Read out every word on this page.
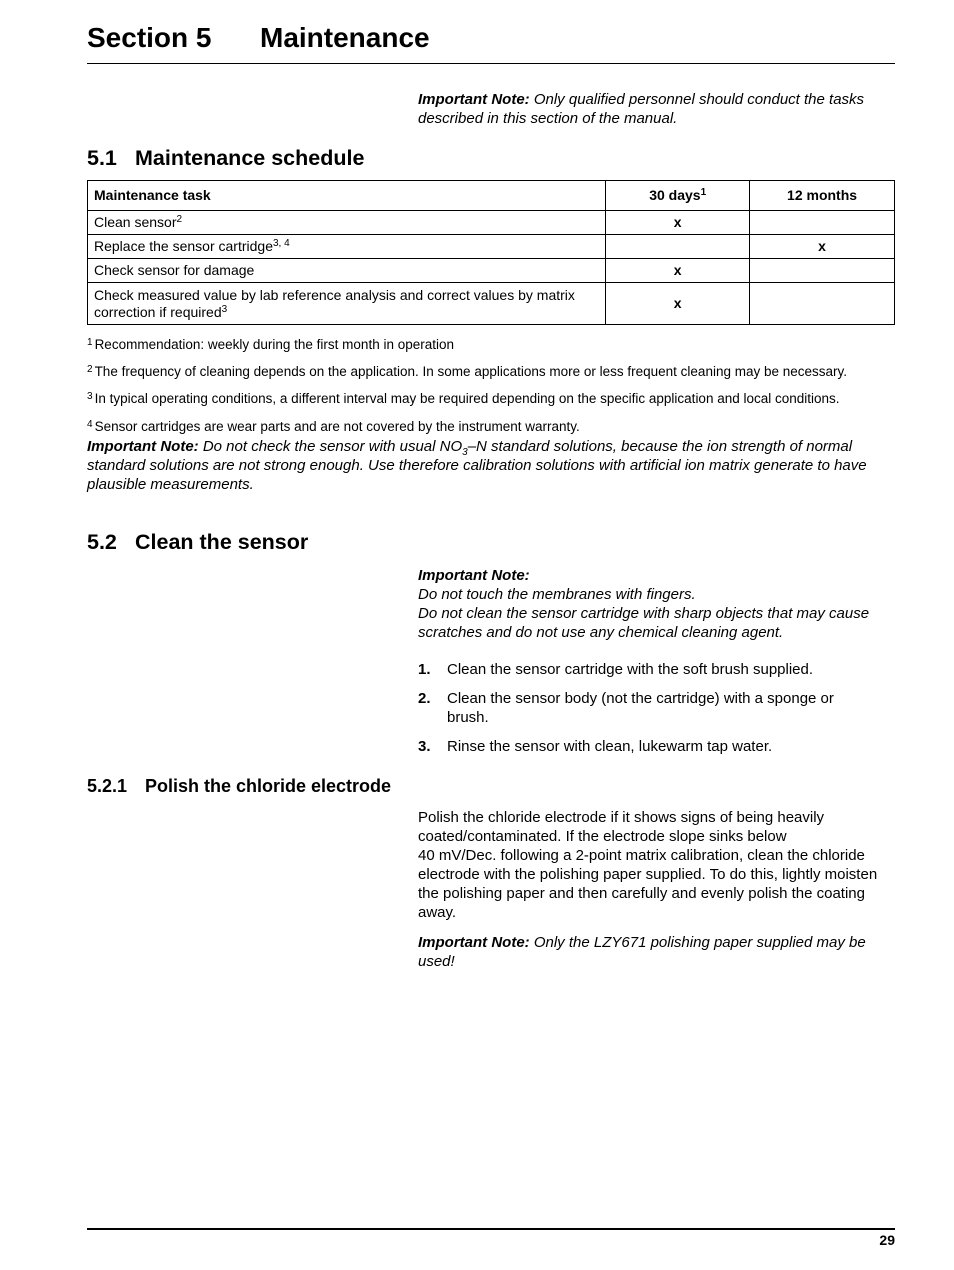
Section 5 Maintenance

Important Note: Only qualified personnel should conduct the tasks described in this section of the manual.

5.1 Maintenance schedule
Maintenance task	30 days$^1$	12 months
Clean sensor$^2$	x	
Replace the sensor cartridge$^{3, 4}$		x
Check sensor for damage	x	
Check measured value by lab reference analysis and correct values by matrix correction if required$^3$	x	
$^1$ Recommendation: weekly during the first month in operation
$^2$ The frequency of cleaning depends on the application. In some applications more or less frequent cleaning may be necessary.
$^3$ In typical operating conditions, a different interval may be required depending on the specific application and local conditions.
$^4$ Sensor cartridges are wear parts and are not covered by the instrument warranty.

Important Note: Do not check the sensor with usual $NO_3-N$ standard solutions, because the ion strength of normal standard solutions are not strong enough. Use therefore calibration solutions with artificial ion matrix generate to have plausible measurements.

5.2 Clean the sensor
Important Note:
Do not touch the membranes with fingers.
Do not clean the sensor cartridge with sharp objects that may cause scratches and do not use any chemical cleaning agent.
1. Clean the sensor cartridge with the soft brush supplied.
2. Clean the sensor body (not the cartridge) with a sponge or brush.
3. Rinse the sensor with clean, lukewarm tap water.
5.2.1 Polish the chloride electrode
Polish the chloride electrode if it shows signs of being heavily coated/contaminated. If the electrode slope sinks below
40 mV/Dec. following a 2-point matrix calibration, clean the chloride electrode with the polishing paper supplied. To do this, lightly moisten the polishing paper and then carefully and evenly polish the coating away.

Important Note: Only the LZY671 polishing paper supplied may be used!

29
